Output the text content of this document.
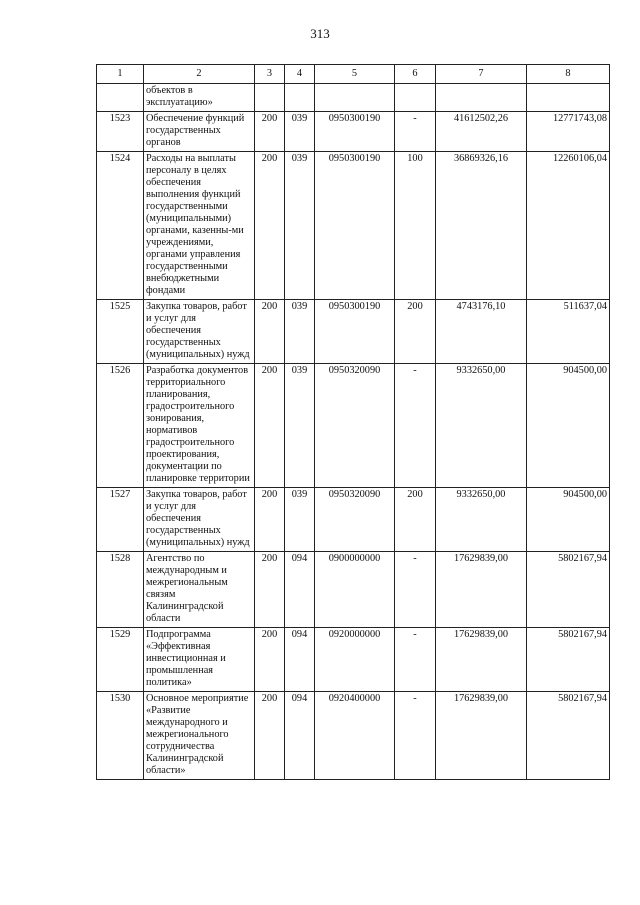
313
1	2	3	4	5	6	7	8
	объектов в эксплуатацию»						
1523	Обеспечение функций государственных органов	200	039	0950300190	-	41612502,26	12771743,08
1524	Расходы на выплаты персоналу в целях обеспечения выполнения функций государственными (муниципальными) органами, казенны-ми учреждениями, органами управления государственными внебюджетными фондами	200	039	0950300190	100	36869326,16	12260106,04
1525	Закупка товаров, работ и услуг для обеспечения государственных (муниципальных) нужд	200	039	0950300190	200	4743176,10	511637,04
1526	Разработка документов территориального планирования, градостроительного зонирования, нормативов градостроительного проектирования, документации по планировке территории	200	039	0950320090	-	9332650,00	904500,00
1527	Закупка товаров, работ и услуг для обеспечения государственных (муниципальных) нужд	200	039	0950320090	200	9332650,00	904500,00
1528	Агентство по международным и межрегиональным связям Калининградской области	200	094	0900000000	-	17629839,00	5802167,94
1529	Подпрограмма «Эффективная инвестиционная и промышленная политика»	200	094	0920000000	-	17629839,00	5802167,94
1530	Основное мероприятие «Развитие международного и межрегионального сотрудничества Калининградской области»	200	094	0920400000	-	17629839,00	5802167,94
